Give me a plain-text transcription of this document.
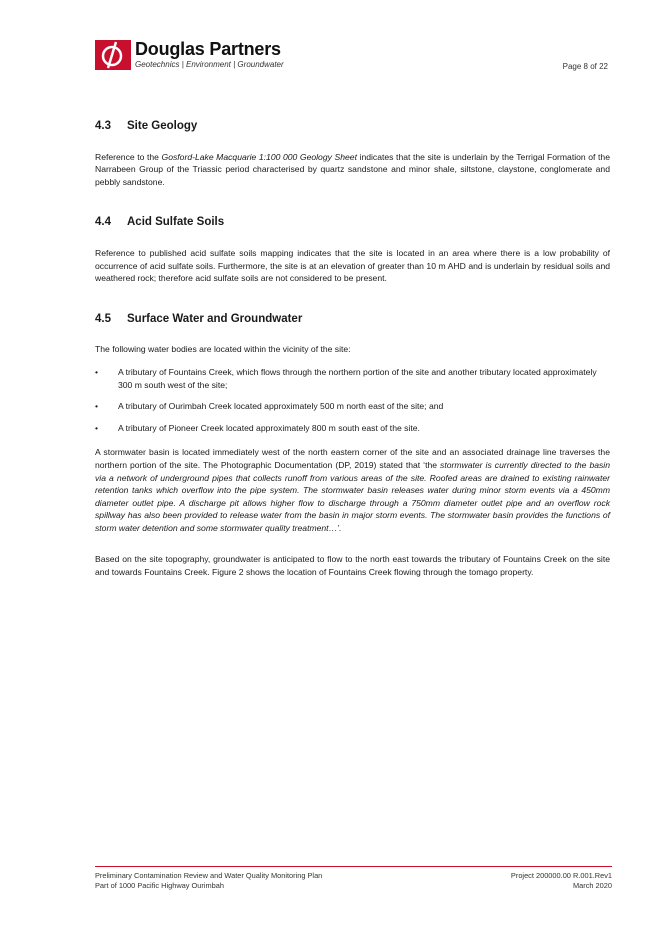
Douglas Partners
Geotechnics | Environment | Groundwater	Page 8 of 22
4.3	Site Geology

Reference to the Gosford-Lake Macquarie 1:100 000 Geology Sheet indicates that the site is underlain by the Terrigal Formation of the Narrabeen Group of the Triassic period characterised by quartz sandstone and minor shale, siltstone, claystone, conglomerate and pebbly sandstone.

4.4	Acid Sulfate Soils

Reference to published acid sulfate soils mapping indicates that the site is located in an area where there is a low probability of occurrence of acid sulfate soils. Furthermore, the site is at an elevation of greater than 10 m AHD and is underlain by residual soils and weathered rock; therefore acid sulfate soils are not considered to be present.

4.5	Surface Water and Groundwater

The following water bodies are located within the vicinity of the site:

•	A tributary of Fountains Creek, which flows through the northern portion of the site and another tributary located approximately 300 m south west of the site;
•	A tributary of Ourimbah Creek located approximately 500 m north east of the site; and
•	A tributary of Pioneer Creek located approximately 800 m south east of the site.

A stormwater basin is located immediately west of the north eastern corner of the site and an associated drainage line traverses the northern portion of the site. The Photographic Documentation (DP, 2019) stated that ‘the stormwater is currently directed to the basin via a network of underground pipes that collects runoff from various areas of the site. Roofed areas are drained to existing rainwater retention tanks which overflow into the pipe system. The stormwater basin releases water during minor storm events via a 450mm diameter outlet pipe. A discharge pit allows higher flow to discharge through a 750mm diameter outlet pipe and an overflow rock spillway has also been provided to release water from the basin in major storm events. The stormwater basin provides the functions of storm water detention and some stormwater quality treatment…’.

Based on the site topography, groundwater is anticipated to flow to the north east towards the tributary of Fountains Creek on the site and towards Fountains Creek. Figure 2 shows the location of Fountains Creek flowing through the tomago property.

Preliminary Contamination Review and Water Quality Monitoring Plan
Part of 1000 Pacific Highway Ourimbah
Project 200000.00 R.001.Rev1
March 2020
